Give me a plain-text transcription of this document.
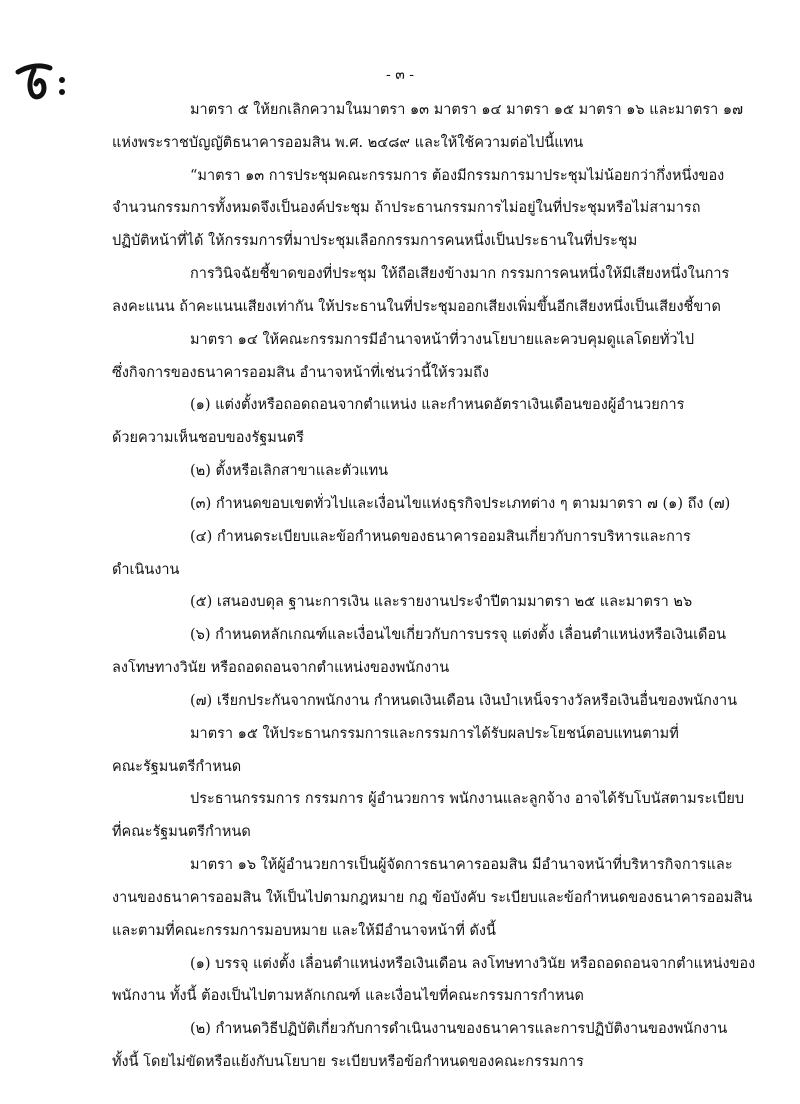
- ๓ -
มาตรา ๕ ให้ยกเลิกความในมาตรา ๑๓ มาตรา ๑๔ มาตรา ๑๕ มาตรา ๑๖ และมาตรา ๑๗
แห่งพระราชบัญญัติธนาคารออมสิน พ.ศ. ๒๔๘๙ และให้ใช้ความต่อไปนี้แทน
“มาตรา ๑๓ การประชุมคณะกรรมการ ต้องมีกรรมการมาประชุมไม่น้อยกว่ากึ่งหนึ่งของ
จำนวนกรรมการทั้งหมดจึงเป็นองค์ประชุม ถ้าประธานกรรมการไม่อยู่ในที่ประชุมหรือไม่สามารถ
ปฏิบัติหน้าที่ได้ ให้กรรมการที่มาประชุมเลือกกรรมการคนหนึ่งเป็นประธานในที่ประชุม
การวินิจฉัยชี้ขาดของที่ประชุม ให้ถือเสียงข้างมาก กรรมการคนหนึ่งให้มีเสียงหนึ่งในการ
ลงคะแนน ถ้าคะแนนเสียงเท่ากัน ให้ประธานในที่ประชุมออกเสียงเพิ่มขึ้นอีกเสียงหนึ่งเป็นเสียงชี้ขาด
มาตรา ๑๔ ให้คณะกรรมการมีอำนาจหน้าที่วางนโยบายและควบคุมดูแลโดยทั่วไป
ซึ่งกิจการของธนาคารออมสิน อำนาจหน้าที่เช่นว่านี้ให้รวมถึง
(๑) แต่งตั้งหรือถอดถอนจากตำแหน่ง และกำหนดอัตราเงินเดือนของผู้อำนวยการ
ด้วยความเห็นชอบของรัฐมนตรี
(๒) ตั้งหรือเลิกสาขาและตัวแทน
(๓) กำหนดขอบเขตทั่วไปและเงื่อนไขแห่งธุรกิจประเภทต่าง ๆ ตามมาตรา ๗ (๑) ถึง (๗)
(๔) กำหนดระเบียบและข้อกำหนดของธนาคารออมสินเกี่ยวกับการบริหารและการ
ดำเนินงาน
(๕) เสนองบดุล ฐานะการเงิน และรายงานประจำปีตามมาตรา ๒๕ และมาตรา ๒๖
(๖) กำหนดหลักเกณฑ์และเงื่อนไขเกี่ยวกับการบรรจุ แต่งตั้ง เลื่อนตำแหน่งหรือเงินเดือน
ลงโทษทางวินัย หรือถอดถอนจากตำแหน่งของพนักงาน
(๗) เรียกประกันจากพนักงาน กำหนดเงินเดือน เงินบำเหน็จรางวัลหรือเงินอื่นของพนักงาน
มาตรา ๑๕ ให้ประธานกรรมการและกรรมการได้รับผลประโยชน์ตอบแทนตามที่
คณะรัฐมนตรีกำหนด
ประธานกรรมการ กรรมการ ผู้อำนวยการ พนักงานและลูกจ้าง อาจได้รับโบนัสตามระเบียบ
ที่คณะรัฐมนตรีกำหนด
มาตรา ๑๖ ให้ผู้อำนวยการเป็นผู้จัดการธนาคารออมสิน มีอำนาจหน้าที่บริหารกิจการและ
งานของธนาคารออมสิน ให้เป็นไปตามกฎหมาย กฎ ข้อบังคับ ระเบียบและข้อกำหนดของธนาคารออมสิน
และตามที่คณะกรรมการมอบหมาย และให้มีอำนาจหน้าที่ ดังนี้
(๑) บรรจุ แต่งตั้ง เลื่อนตำแหน่งหรือเงินเดือน ลงโทษทางวินัย หรือถอดถอนจากตำแหน่งของ
พนักงาน ทั้งนี้ ต้องเป็นไปตามหลักเกณฑ์ และเงื่อนไขที่คณะกรรมการกำหนด
(๒) กำหนดวิธีปฏิบัติเกี่ยวกับการดำเนินงานของธนาคารและการปฏิบัติงานของพนักงาน
ทั้งนี้ โดยไม่ขัดหรือแย้งกับนโยบาย ระเบียบหรือข้อกำหนดของคณะกรรมการ
